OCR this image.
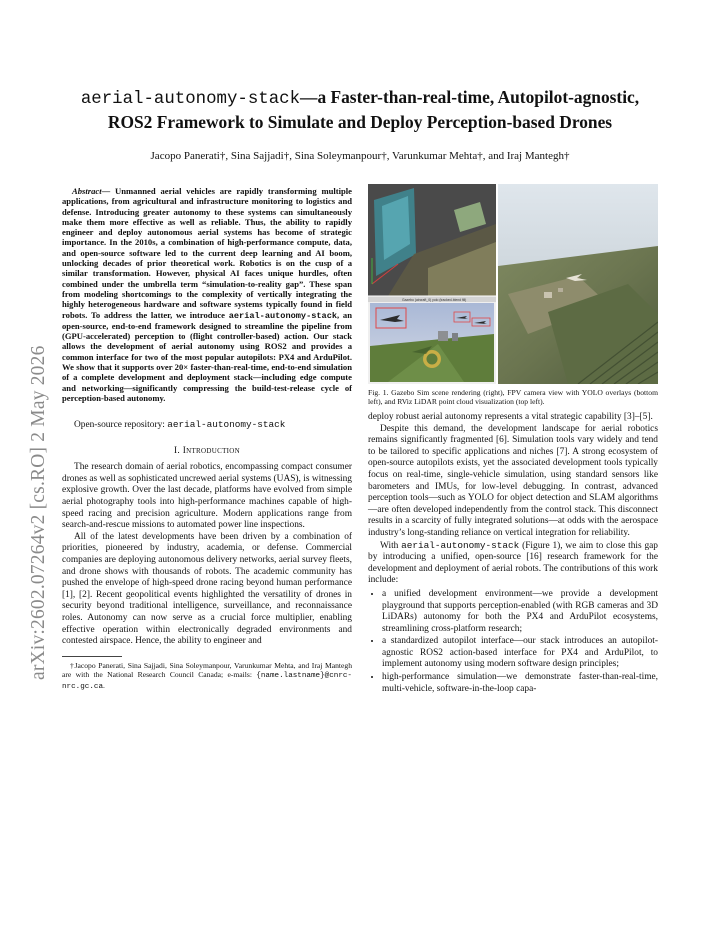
arXiv:2602.07264v2 [cs.RO] 2 May 2026
aerial-autonomy-stack—a Faster-than-real-time, Autopilot-agnostic, ROS2 Framework to Simulate and Deploy Perception-based Drones
Jacopo Panerati†, Sina Sajjadi†, Sina Soleymanpour†, Varunkumar Mehta†, and Iraj Mantegh†

Abstract— Unmanned aerial vehicles are rapidly transforming multiple applications, from agricultural and infrastructure monitoring to logistics and defense. Introducing greater autonomy to these systems can simultaneously make them more effective as well as reliable. Thus, the ability to rapidly engineer and deploy autonomous aerial systems has become of strategic importance. In the 2010s, a combination of high-performance compute, data, and open-source software led to the current deep learning and AI boom, unlocking decades of prior theoretical work. Robotics is on the cusp of a similar transformation. However, physical AI faces unique hurdles, often combined under the umbrella term “simulation-to-reality gap”. These span from modeling shortcomings to the complexity of vertically integrating the highly heterogeneous hardware and software systems typically found in field robots. To address the latter, we introduce aerial-autonomy-stack, an open-source, end-to-end framework designed to streamline the pipeline from (GPU-accelerated) perception to (flight controller-based) action. Our stack allows the development of aerial autonomy using ROS2 and provides a common interface for two of the most popular autopilots: PX4 and ArduPilot. We show that it supports over 20× faster-than-real-time, end-to-end simulation of a complete development and deployment stack—including edge compute and networking—significantly compressing the build-test-release cycle of perception-based autonomy.

Open-source repository: aerial-autonomy-stack
I. Introduction

The research domain of aerial robotics, encompassing compact consumer drones as well as sophisticated uncrewed aerial systems (UAS), is witnessing explosive growth. Over the last decade, platforms have evolved from simple aerial photography tools into high-performance machines capable of high-speed racing and precision agriculture. Modern applications range from search-and-rescue missions to automated power line inspections.

All of the latest developments have been driven by a combination of priorities, pioneered by industry, academia, or defense. Commercial companies are deploying autonomous delivery networks, aerial survey fleets, and drone shows with thousands of robots. The academic community has pushed the envelope of high-speed drone racing beyond human performance [1], [2]. Recent geopolitical events highlighted the versatility of drones in security beyond traditional intelligence, surveillance, and reconnaissance roles. Autonomy can now serve as a crucial force multiplier, enabling effective operation within electronically degraded environments and contested airspace. Hence, the ability to engineer and

†Jacopo Panerati, Sina Sajjadi, Sina Soleymanpour, Varunkumar Mehta, and Iraj Mantegh are with the National Research Council Canada; e-mails: {name.lastname}@cnrc-nrc.gc.ca.

Gazebo (aircraft_0) yolo (tracked-blend fill)

Fig. 1. Gazebo Sim scene rendering (right), FPV camera view with YOLO overlays (bottom left), and RViz LiDAR point cloud visualization (top left).

deploy robust aerial autonomy represents a vital strategic capability [3]–[5].

Despite this demand, the development landscape for aerial robotics remains significantly fragmented [6]. Simulation tools vary widely and tend to be tailored to specific applications and niches [7]. A strong ecosystem of open-source autopilots exists, yet the associated development tools typically focus on real-time, single-vehicle simulation, using standard sensors like barometers and IMUs, for low-level debugging. In contrast, advanced perception tools—such as YOLO for object detection and SLAM algorithms—are often developed independently from the control stack. This disconnect results in a scarcity of fully integrated solutions—at odds with the aerospace industry’s long-standing reliance on vertical integration for reliability.

With aerial-autonomy-stack (Figure 1), we aim to close this gap by introducing a unified, open-source [16] research framework for the development and deployment of aerial robots. The contributions of this work include:

• a unified development environment—we provide a development playground that supports perception-enabled (with RGB cameras and 3D LiDARs) autonomy for both the PX4 and ArduPilot ecosystems, streamlining cross-platform research;
• a standardized autopilot interface—our stack introduces an autopilot-agnostic ROS2 action-based interface for PX4 and ArduPilot, to implement autonomy using modern software design principles;
• high-performance simulation—we demonstrate faster-than-real-time, multi-vehicle, software-in-the-loop capa-
